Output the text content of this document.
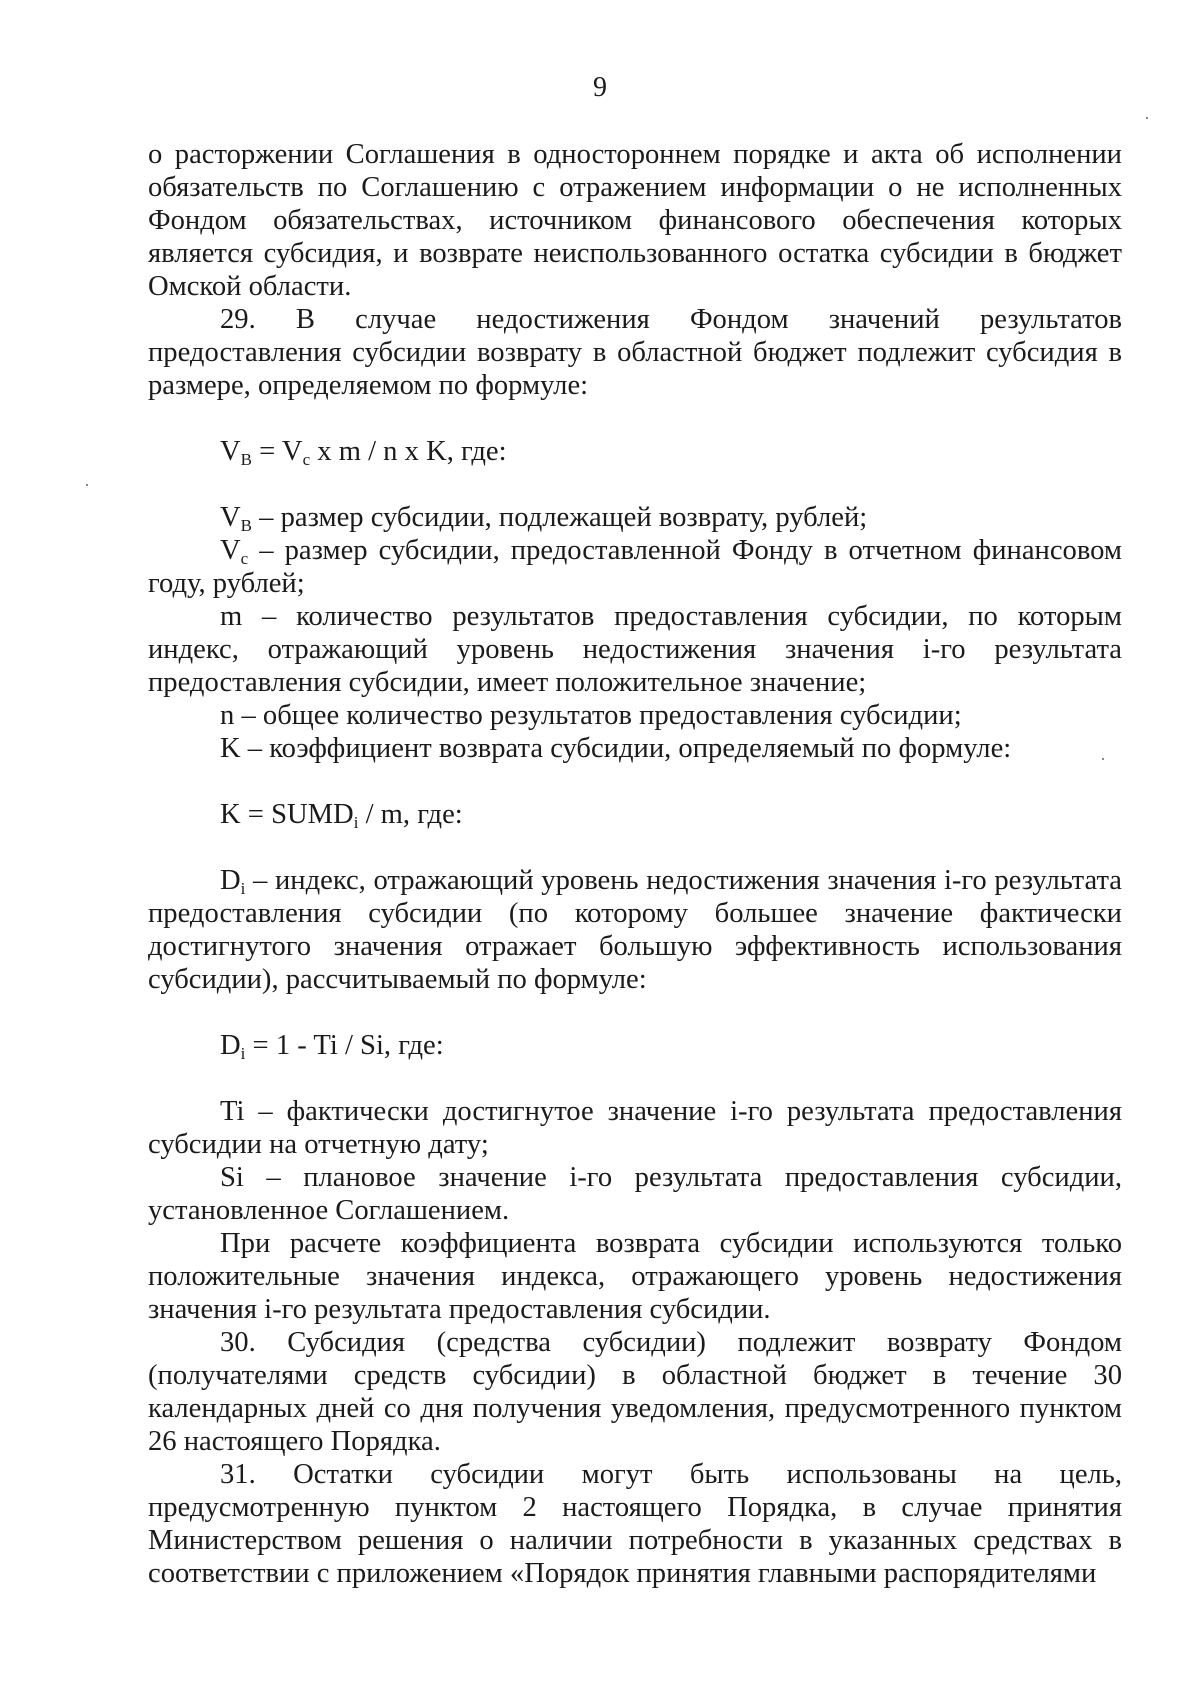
9

о расторжении Соглашения в одностороннем порядке и акта об исполнении обязательств по Соглашению с отражением информации о не исполненных Фондом обязательствах, источником финансового обеспечения которых является субсидия, и возврате неиспользованного остатка субсидии в бюджет Омской области.

29. В случае недостижения Фондом значений результатов предоставления субсидии возврату в областной бюджет подлежит субсидия в размере, определяемом по формуле:

$V_B = V_c$ x m / n x K, где:

$V_B$ – размер субсидии, подлежащей возврату, рублей;

$V_c$ – размер субсидии, предоставленной Фонду в отчетном финансовом году, рублей;

m – количество результатов предоставления субсидии, по которым индекс, отражающий уровень недостижения значения i-го результата предоставления субсидии, имеет положительное значение;

n – общее количество результатов предоставления субсидии;

K – коэффициент возврата субсидии, определяемый по формуле:

$K = SUMD_i / m$, где:

$D_i$ – индекс, отражающий уровень недостижения значения i-го результата предоставления субсидии (по которому большее значение фактически достигнутого значения отражает большую эффективность использования субсидии), рассчитываемый по формуле:

$D_i = 1 - Ti / Si$, где:

Ti – фактически достигнутое значение i-го результата предоставления субсидии на отчетную дату;

Si – плановое значение i-го результата предоставления субсидии, установленное Соглашением.

При расчете коэффициента возврата субсидии используются только положительные значения индекса, отражающего уровень недостижения значения i-го результата предоставления субсидии.

30. Субсидия (средства субсидии) подлежит возврату Фондом (получателями средств субсидии) в областной бюджет в течение 30 календарных дней со дня получения уведомления, предусмотренного пунктом 26 настоящего Порядка.

31. Остатки субсидии могут быть использованы на цель, предусмотренную пунктом 2 настоящего Порядка, в случае принятия Министерством решения о наличии потребности в указанных средствах в соответствии с приложением «Порядок принятия главными распорядителями
